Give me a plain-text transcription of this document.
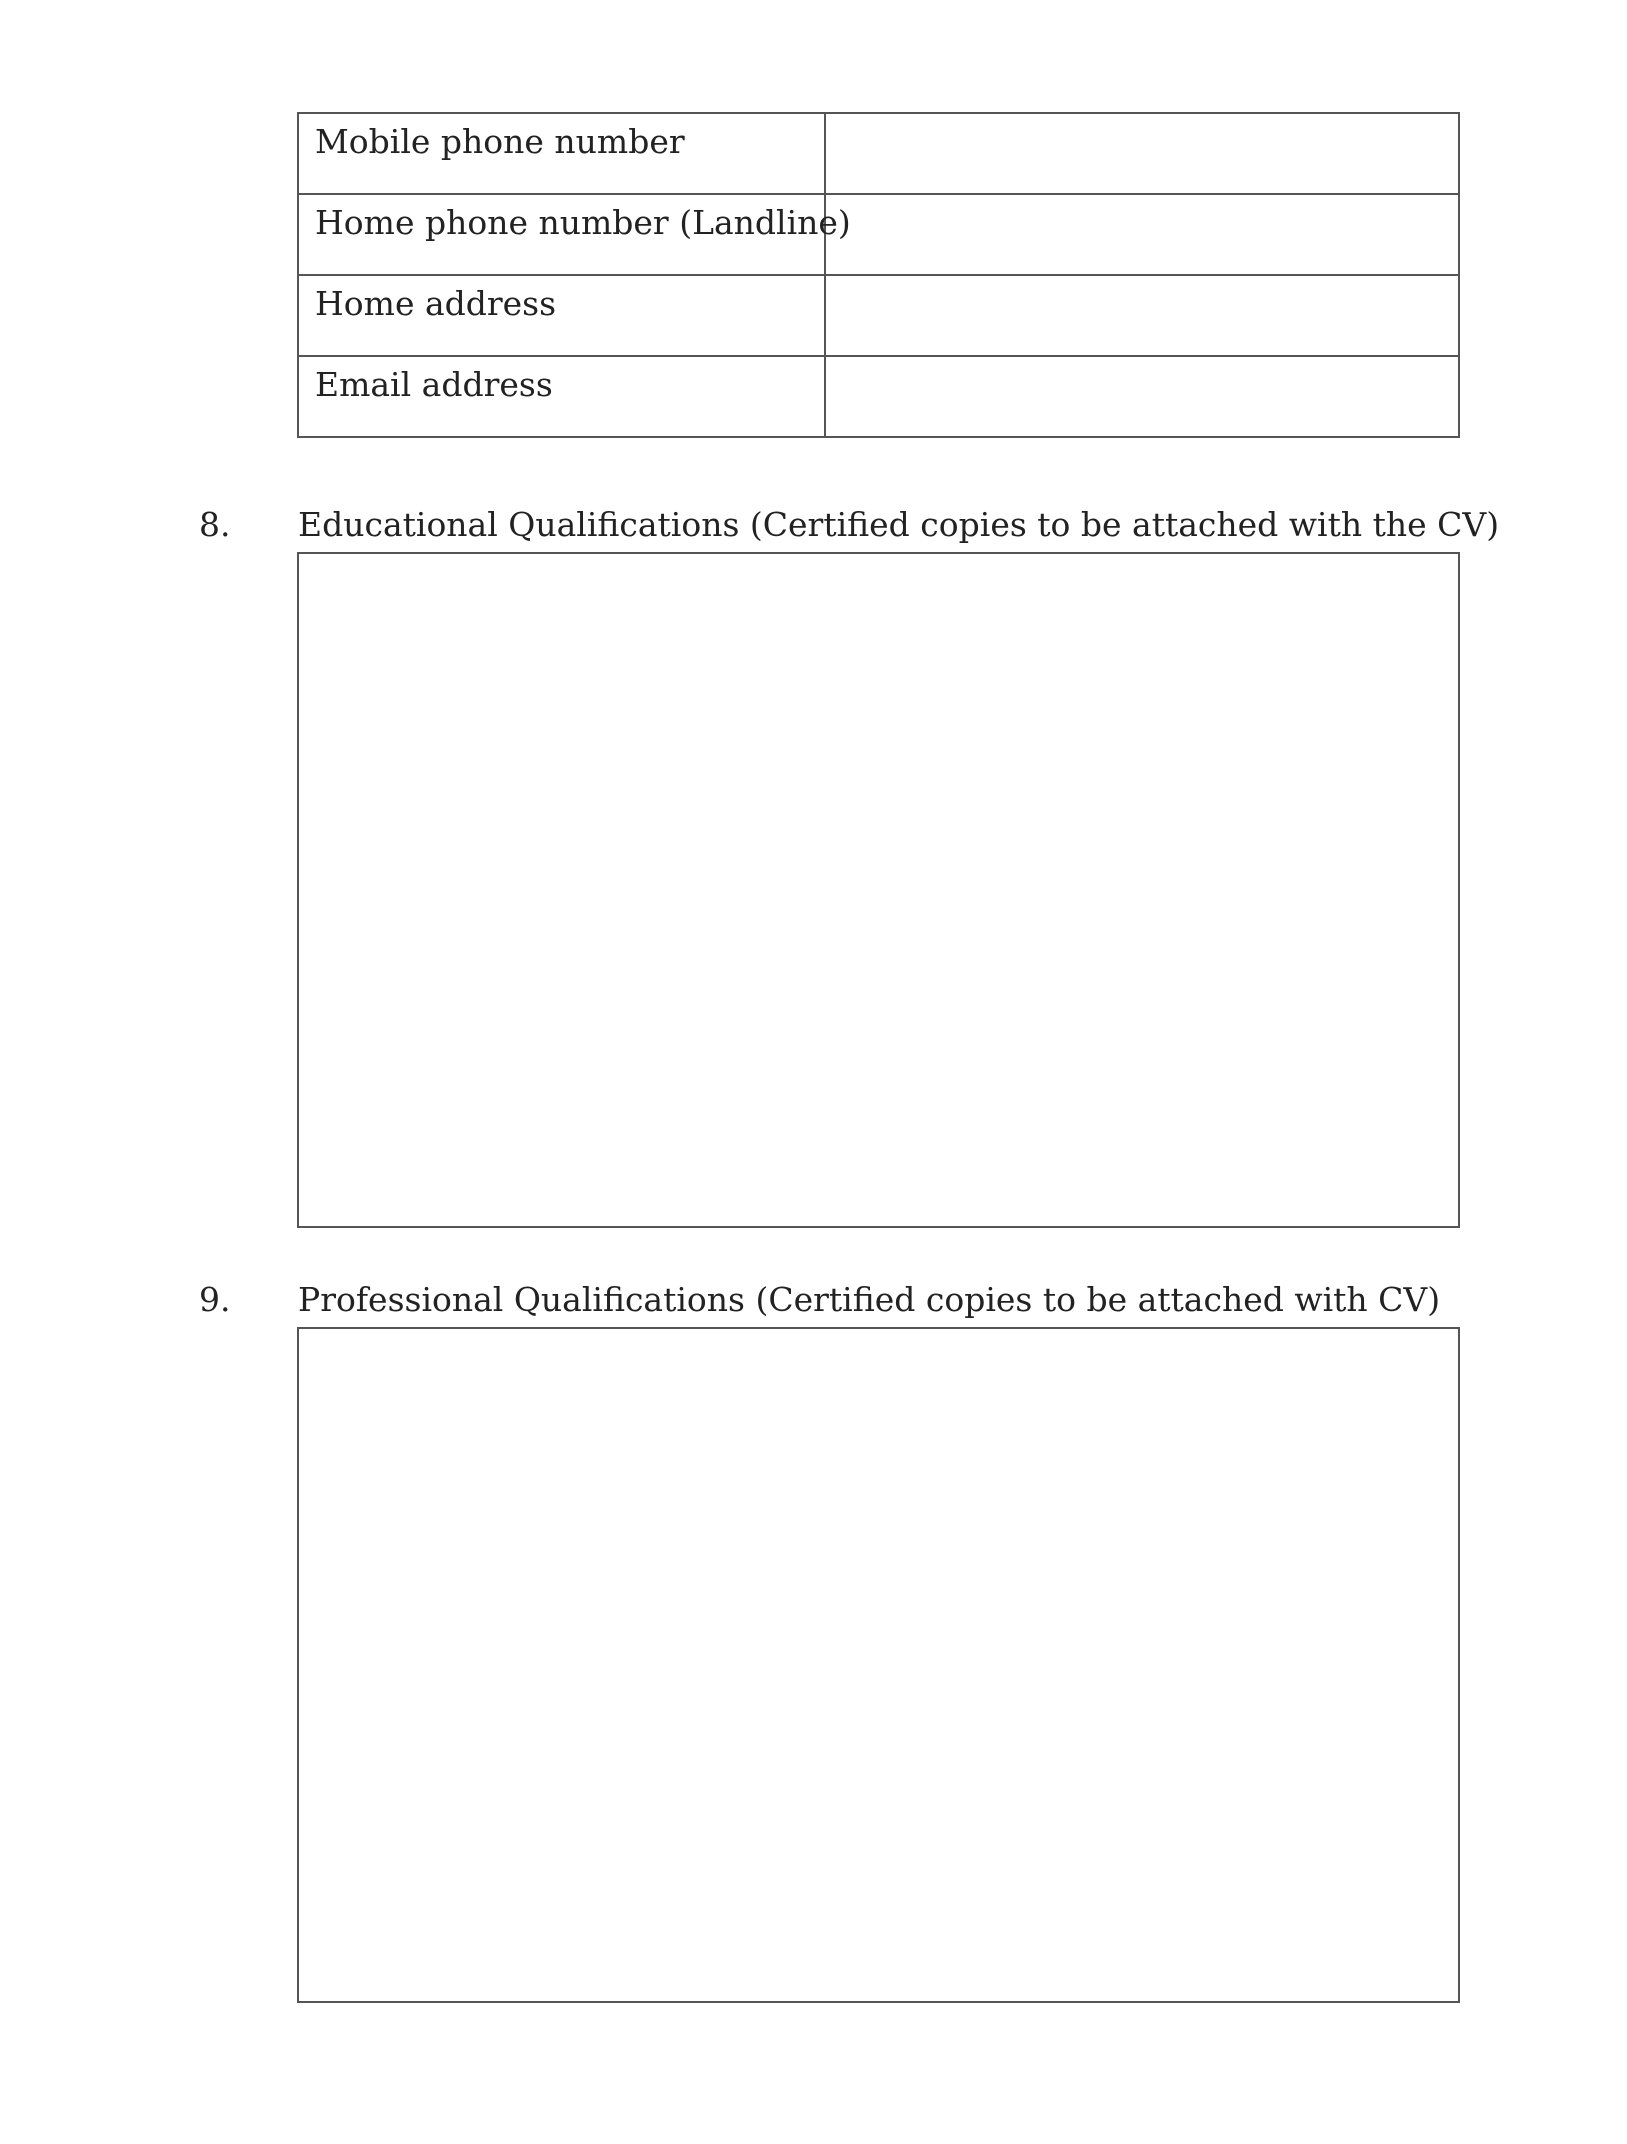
Mobile phone number	

Home phone number (Landline)	

Home address	

Email address	

8. Educational Qualifications (Certified copies to be attached with the CV)
9. Professional Qualifications (Certified copies to be attached with CV)
